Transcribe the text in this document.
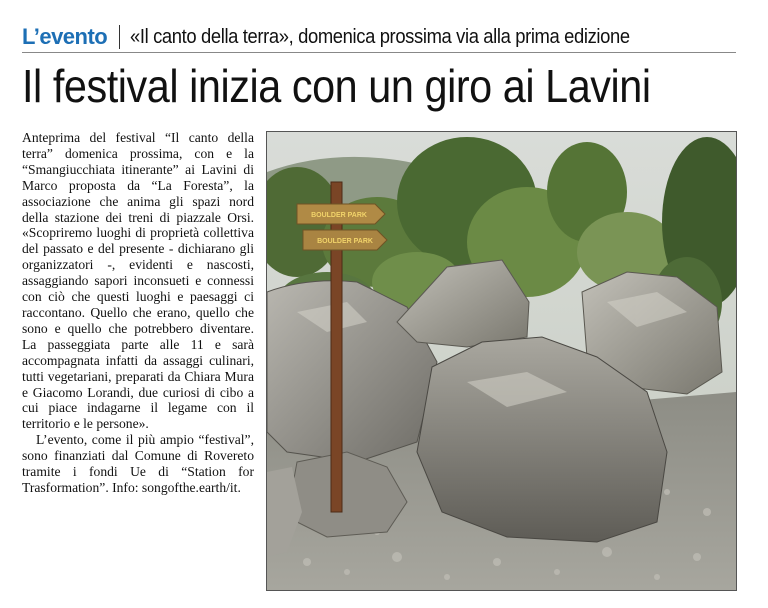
L’evento	«Il canto della terra», domenica prossima via alla prima edizione
Il festival inizia con un giro ai Lavini

Anteprima del festival “Il canto della terra” domenica prossima, con e la “Smangiucchiata itinerante” ai Lavini di Marco proposta da “La Foresta”, la associazione che anima gli spazi nord della stazione dei treni di piazzale Orsi. «Scopriremo luoghi di proprietà collettiva del passato e del presente - dichiarano gli organizzatori -, evidenti e nascosti, assaggiando sapori inconsueti e connessi con ciò che questi luoghi e paesaggi ci raccontano. Quello che erano, quello che sono e quello che potrebbero diventare. La passeggiata parte alle 11 e sarà accompagnata infatti da assaggi culinari, tutti vegetariani, preparati da Chiara Mura e Giacomo Lorandi, due curiosi di cibo a cui piace indagarne il legame con il territorio e le persone».

L’evento, come il più ampio “festival”, sono finanziati dal Comune di Rovereto tramite i fondi Ue di “Station for Trasformation”. Info: songofthe.earth/it.

BOULDER PARK
BOULDER PARK
